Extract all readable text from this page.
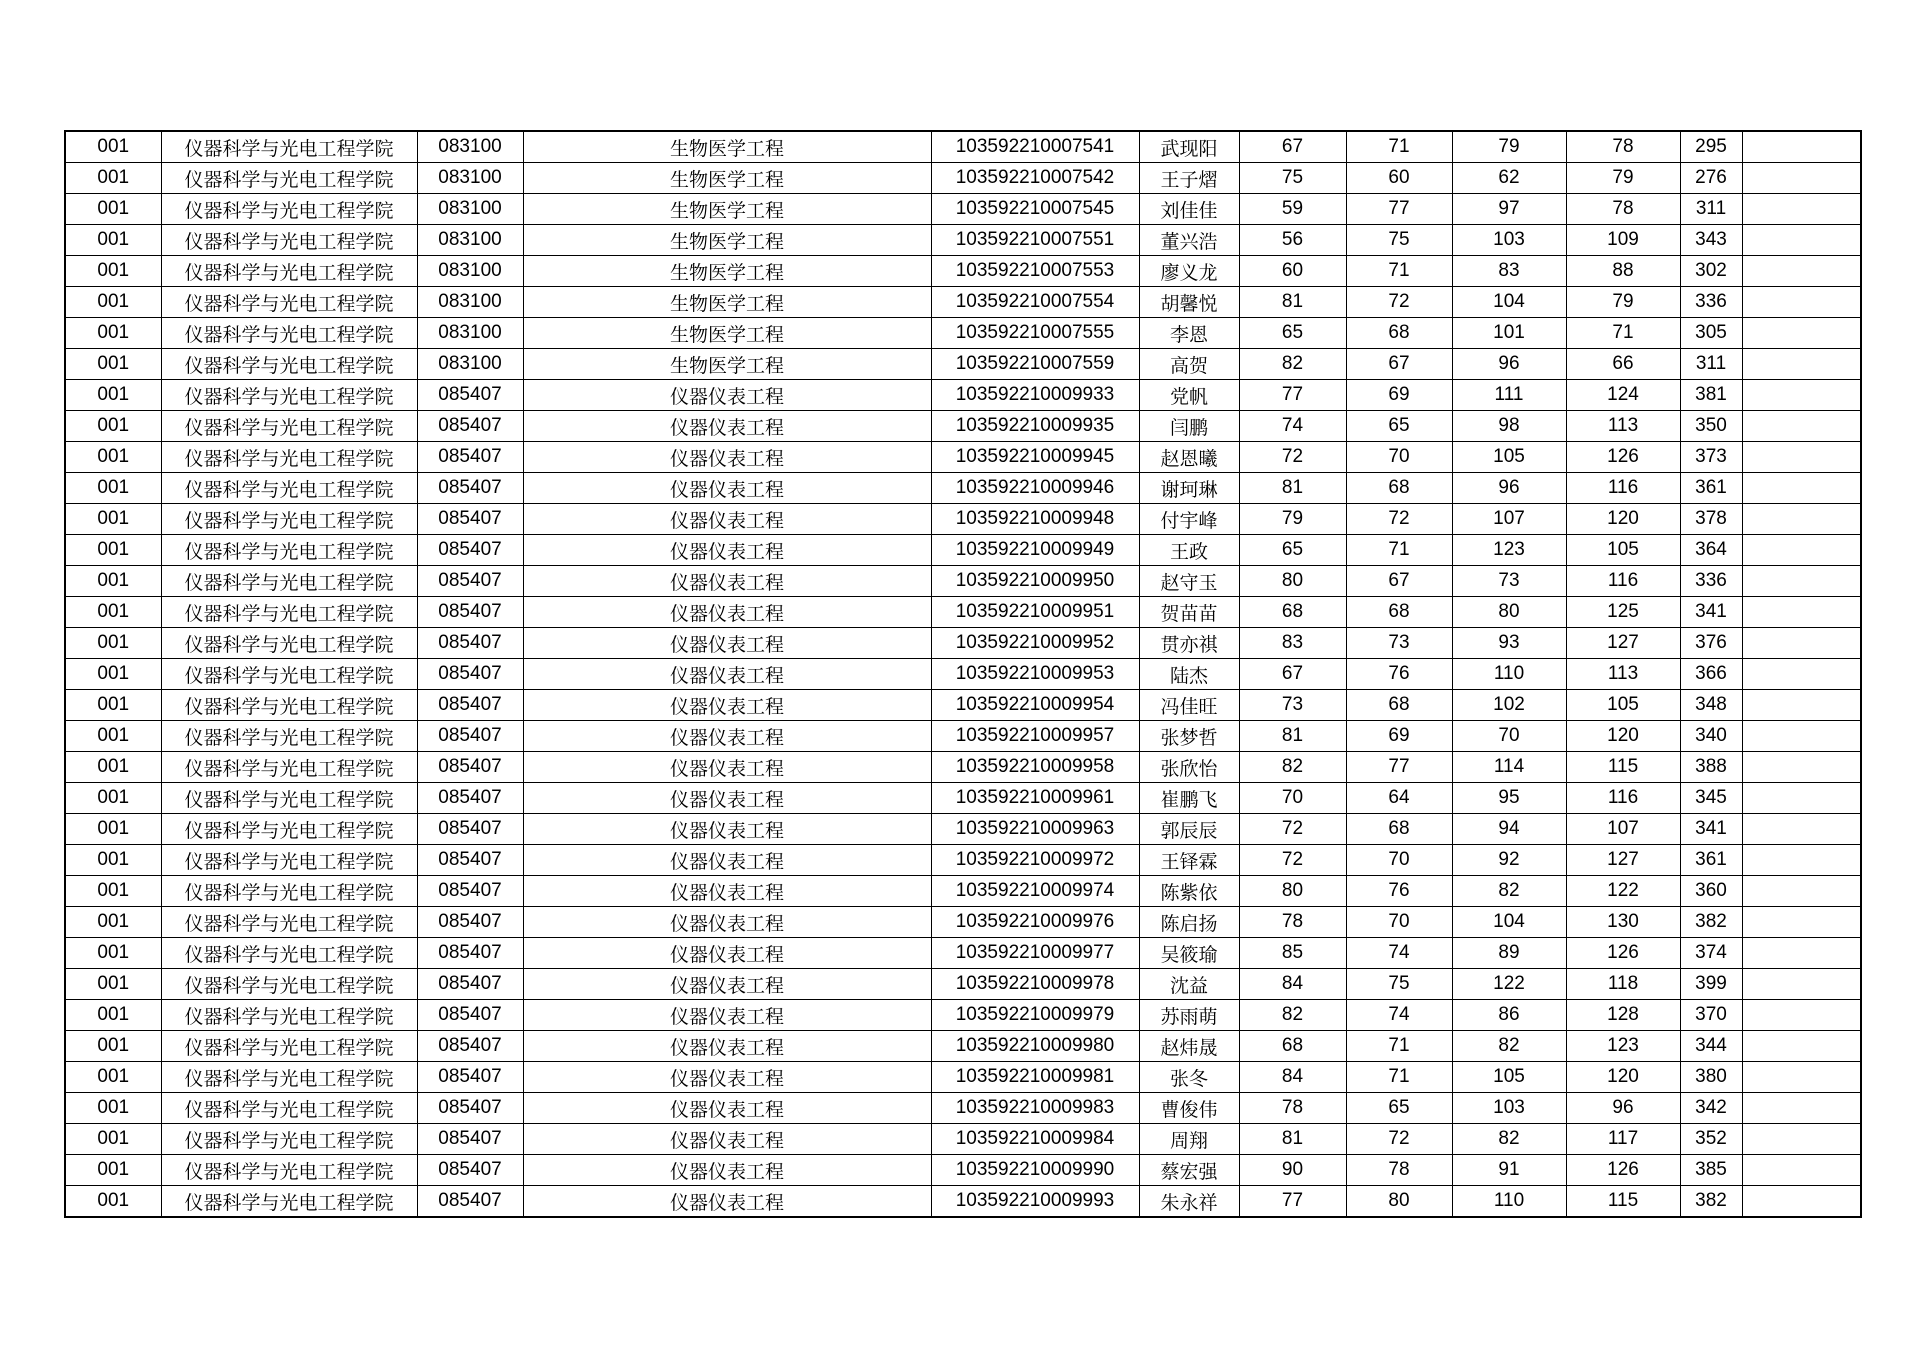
001	仪器科学与光电工程学院	083100	生物医学工程	103592210007541	武现阳	67	71	79	78	295	
001	仪器科学与光电工程学院	083100	生物医学工程	103592210007542	王子熠	75	60	62	79	276	
001	仪器科学与光电工程学院	083100	生物医学工程	103592210007545	刘佳佳	59	77	97	78	311	
001	仪器科学与光电工程学院	083100	生物医学工程	103592210007551	董兴浩	56	75	103	109	343	
001	仪器科学与光电工程学院	083100	生物医学工程	103592210007553	廖义龙	60	71	83	88	302	
001	仪器科学与光电工程学院	083100	生物医学工程	103592210007554	胡馨悦	81	72	104	79	336	
001	仪器科学与光电工程学院	083100	生物医学工程	103592210007555	李恩	65	68	101	71	305	
001	仪器科学与光电工程学院	083100	生物医学工程	103592210007559	高贺	82	67	96	66	311	
001	仪器科学与光电工程学院	085407	仪器仪表工程	103592210009933	党帆	77	69	111	124	381	
001	仪器科学与光电工程学院	085407	仪器仪表工程	103592210009935	闫鹏	74	65	98	113	350	
001	仪器科学与光电工程学院	085407	仪器仪表工程	103592210009945	赵恩曦	72	70	105	126	373	
001	仪器科学与光电工程学院	085407	仪器仪表工程	103592210009946	谢珂琳	81	68	96	116	361	
001	仪器科学与光电工程学院	085407	仪器仪表工程	103592210009948	付宇峰	79	72	107	120	378	
001	仪器科学与光电工程学院	085407	仪器仪表工程	103592210009949	王政	65	71	123	105	364	
001	仪器科学与光电工程学院	085407	仪器仪表工程	103592210009950	赵守玉	80	67	73	116	336	
001	仪器科学与光电工程学院	085407	仪器仪表工程	103592210009951	贺苗苗	68	68	80	125	341	
001	仪器科学与光电工程学院	085407	仪器仪表工程	103592210009952	贯亦祺	83	73	93	127	376	
001	仪器科学与光电工程学院	085407	仪器仪表工程	103592210009953	陆杰	67	76	110	113	366	
001	仪器科学与光电工程学院	085407	仪器仪表工程	103592210009954	冯佳旺	73	68	102	105	348	
001	仪器科学与光电工程学院	085407	仪器仪表工程	103592210009957	张梦哲	81	69	70	120	340	
001	仪器科学与光电工程学院	085407	仪器仪表工程	103592210009958	张欣怡	82	77	114	115	388	
001	仪器科学与光电工程学院	085407	仪器仪表工程	103592210009961	崔鹏飞	70	64	95	116	345	
001	仪器科学与光电工程学院	085407	仪器仪表工程	103592210009963	郭辰辰	72	68	94	107	341	
001	仪器科学与光电工程学院	085407	仪器仪表工程	103592210009972	王铎霖	72	70	92	127	361	
001	仪器科学与光电工程学院	085407	仪器仪表工程	103592210009974	陈紫依	80	76	82	122	360	
001	仪器科学与光电工程学院	085407	仪器仪表工程	103592210009976	陈启扬	78	70	104	130	382	
001	仪器科学与光电工程学院	085407	仪器仪表工程	103592210009977	吴筱瑜	85	74	89	126	374	
001	仪器科学与光电工程学院	085407	仪器仪表工程	103592210009978	沈益	84	75	122	118	399	
001	仪器科学与光电工程学院	085407	仪器仪表工程	103592210009979	苏雨萌	82	74	86	128	370	
001	仪器科学与光电工程学院	085407	仪器仪表工程	103592210009980	赵炜晟	68	71	82	123	344	
001	仪器科学与光电工程学院	085407	仪器仪表工程	103592210009981	张冬	84	71	105	120	380	
001	仪器科学与光电工程学院	085407	仪器仪表工程	103592210009983	曹俊伟	78	65	103	96	342	
001	仪器科学与光电工程学院	085407	仪器仪表工程	103592210009984	周翔	81	72	82	117	352	
001	仪器科学与光电工程学院	085407	仪器仪表工程	103592210009990	蔡宏强	90	78	91	126	385	
001	仪器科学与光电工程学院	085407	仪器仪表工程	103592210009993	朱永祥	77	80	110	115	382	
